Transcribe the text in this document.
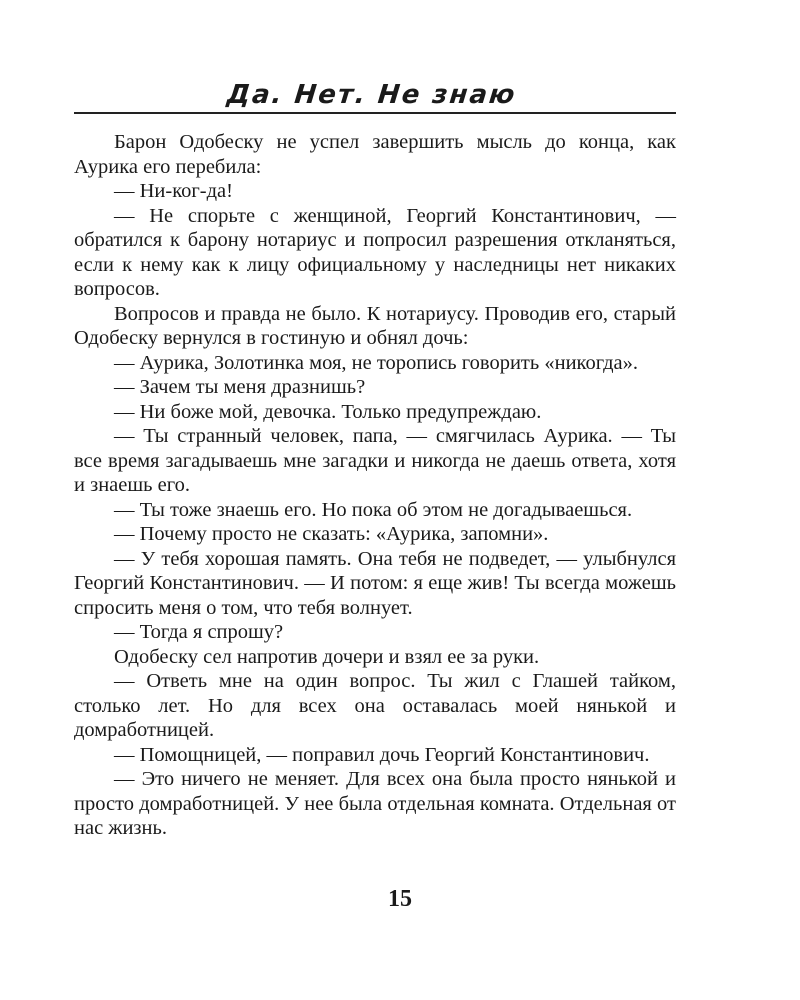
Да. Нет. Не знаю

Барон Одобеску не успел завершить мысль до конца, как Аурика его перебила:

— Ни-ког-да!

— Не спорьте с женщиной, Георгий Константинович, — обратился к барону нотариус и попросил разрешения откланяться, если к нему как к лицу официальному у наследницы нет никаких вопросов.

Вопросов и правда не было. К нотариусу. Проводив его, старый Одобеску вернулся в гостиную и обнял дочь:

— Аурика, Золотинка моя, не торопись говорить «никогда».

— Зачем ты меня дразнишь?

— Ни боже мой, девочка. Только предупреждаю.

— Ты странный человек, папа, — смягчилась Аурика. — Ты все время загадываешь мне загадки и никогда не даешь ответа, хотя и знаешь его.

— Ты тоже знаешь его. Но пока об этом не догадываешься.

— Почему просто не сказать: «Аурика, запомни».

— У тебя хорошая память. Она тебя не подведет, — улыбнулся Георгий Константинович. — И потом: я еще жив! Ты всегда можешь спросить меня о том, что тебя волнует.

— Тогда я спрошу?

Одобеску сел напротив дочери и взял ее за руки.

— Ответь мне на один вопрос. Ты жил с Глашей тайком, столько лет. Но для всех она оставалась моей нянькой и домработницей.

— Помощницей, — поправил дочь Георгий Константинович.

— Это ничего не меняет. Для всех она была просто нянькой и просто домработницей. У нее была отдельная комната. Отдельная от нас жизнь.

15
